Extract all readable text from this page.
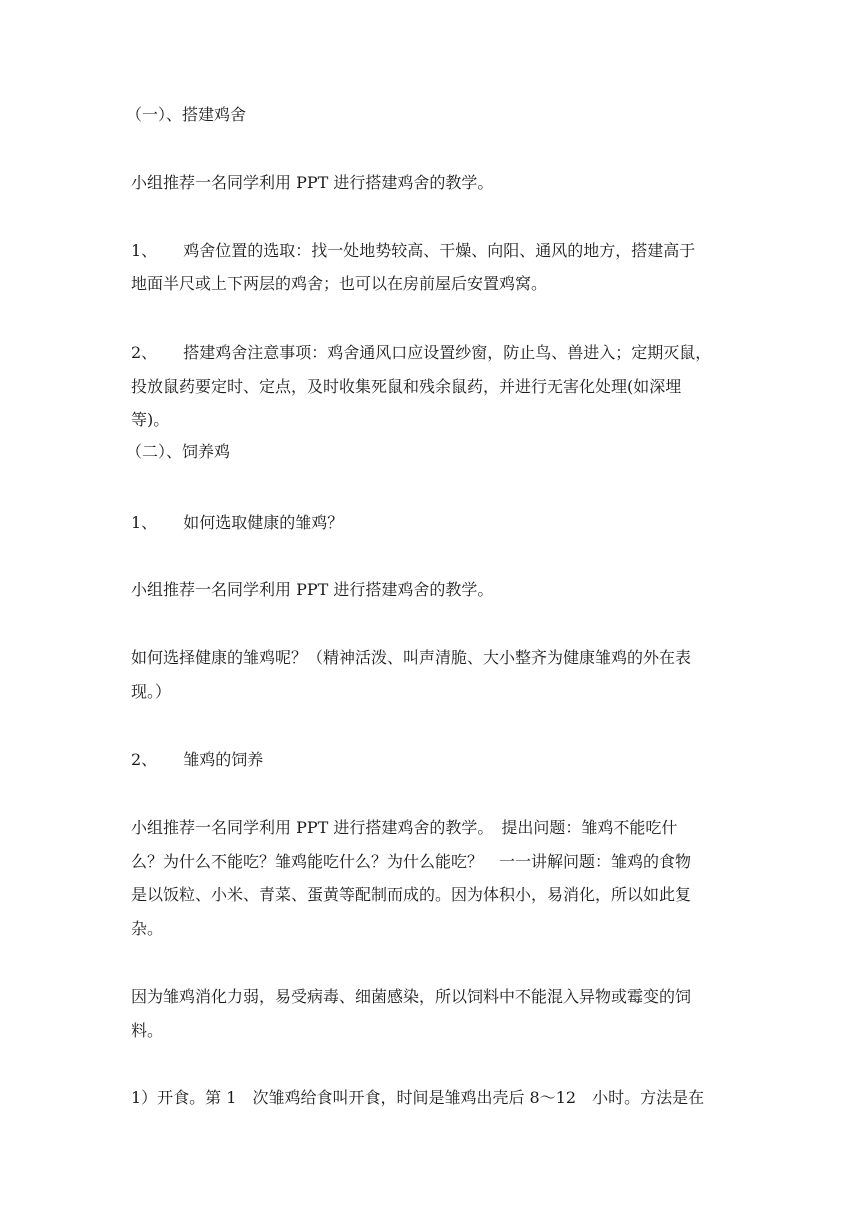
（一）、搭建鸡舍
小组推荐一名同学利用 PPT 进行搭建鸡舍的教学。
1、 鸡舍位置的选取：找一处地势较高、干燥、向阳、通风的地方，搭建高于
地面半尺或上下两层的鸡舍；也可以在房前屋后安置鸡窝。
2、 搭建鸡舍注意事项：鸡舍通风口应设置纱窗，防止鸟、兽进入；定期灭鼠，
投放鼠药要定时、定点，及时收集死鼠和残余鼠药，并进行无害化处理(如深埋
等)。
（二）、饲养鸡
1、 如何选取健康的雏鸡？
小组推荐一名同学利用 PPT 进行搭建鸡舍的教学。
如何选择健康的雏鸡呢？（精神活泼、叫声清脆、大小整齐为健康雏鸡的外在表
现。）
2、 雏鸡的饲养
小组推荐一名同学利用 PPT 进行搭建鸡舍的教学。　提出问题：雏鸡不能吃什
么？为什么不能吃？雏鸡能吃什么？为什么能吃？　一一讲解问题：雏鸡的食物
是以饭粒、小米、青菜、蛋黄等配制而成的。因为体积小，易消化，所以如此复
杂。
因为雏鸡消化力弱，易受病毒、细菌感染，所以饲料中不能混入异物或霉变的饲
料。
1）开食。第 1　次雏鸡给食叫开食，时间是雏鸡出壳后 8～12　小时。方法是在
